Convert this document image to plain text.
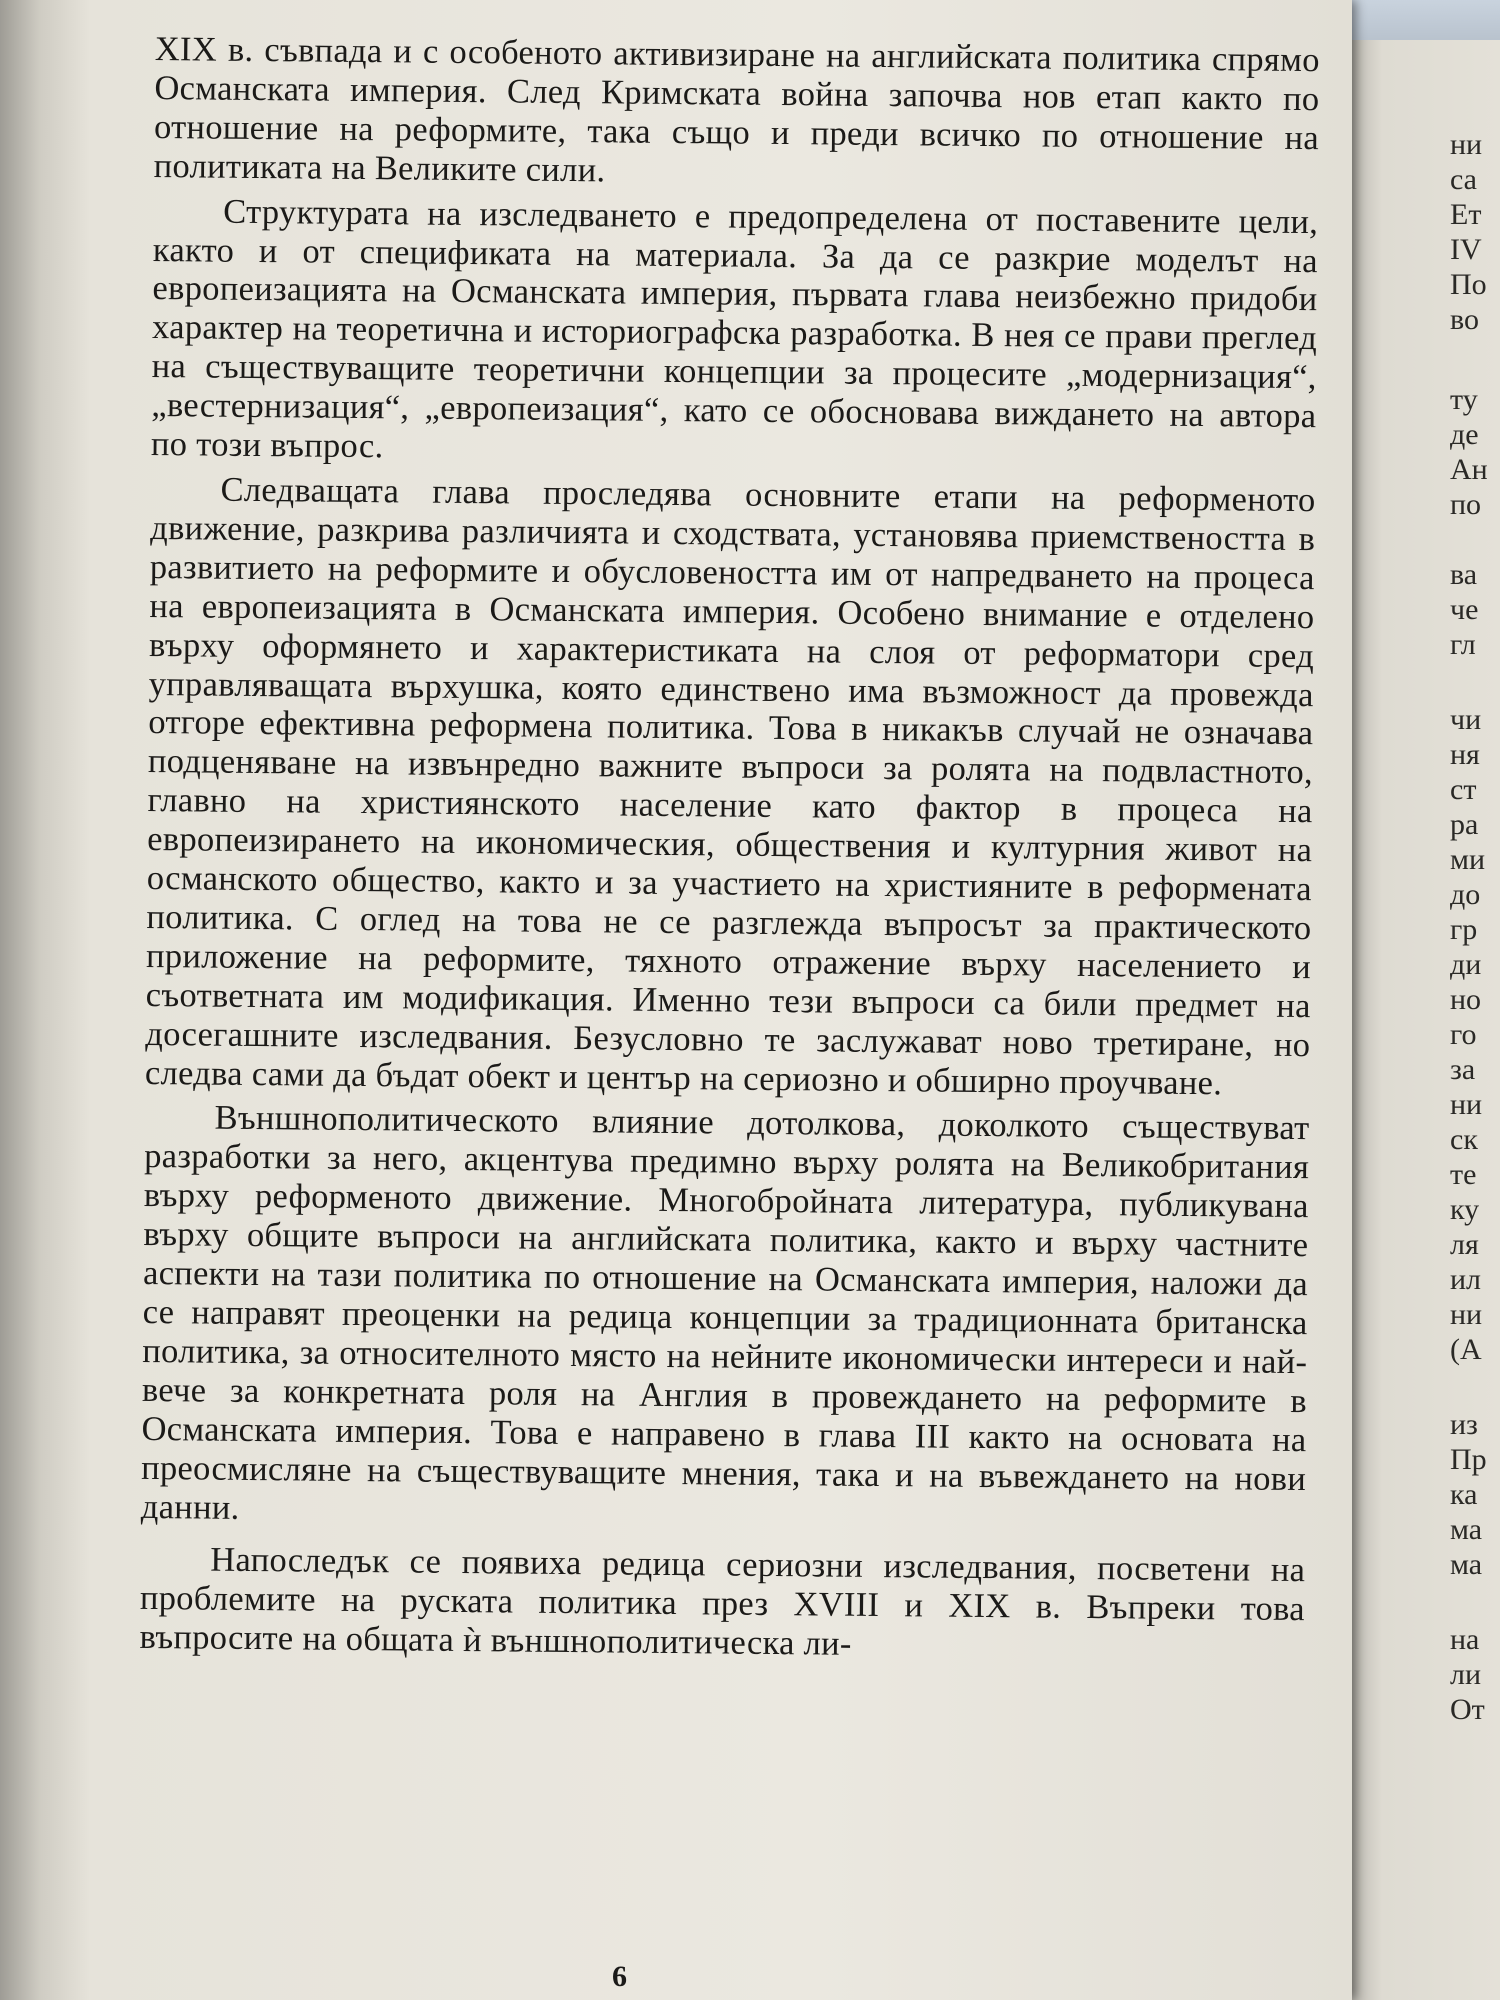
XIX в. съвпада и с особеното активизиране на английската политика спрямо Османската империя. След Кримската война започва нов етап както по отношение на реформите, така също и преди всичко по отношение на политиката на Великите сили.

Структурата на изследването е предопределена от поставените цели, както и от спецификата на материала. За да се разкрие моделът на европеизацията на Османската империя, първата глава неизбежно придоби характер на теоретична и историографска разработка. В нея се прави преглед на съществуващите теоретични концепции за процесите „модернизация“, „вестернизация“, „европеизация“, като се обосновава виждането на автора по този въпрос.

Следващата глава проследява основните етапи на реформеното движение, разкрива различията и сходствата, установява приемствеността в развитието на реформите и обусловеността им от напредването на процеса на европеизацията в Османската империя. Особено внимание е отделено върху оформянето и характеристиката на слоя от реформатори сред управляващата върхушка, която единствено има възможност да провежда отгоре ефективна реформена политика. Това в никакъв случай не означава подценяване на извънредно важните въпроси за ролята на подвластното, главно на християнското население като фактор в процеса на европеизирането на икономическия, обществения и културния живот на османското общество, както и за участието на християните в реформената политика. С оглед на това не се разглежда въпросът за практическото приложение на реформите, тяхното отражение върху населението и съответната им модификация. Именно тези въпроси са били предмет на досегашните изследвания. Безусловно те заслужават ново третиране, но следва сами да бъдат обект и център на сериозно и обширно проучване.

Външнополитическото влияние дотолкова, доколкото съществуват разработки за него, акцентува предимно върху ролята на Великобритания върху реформеното движение. Многобройната литература, публикувана върху общите въпроси на английската политика, както и върху частните аспекти на тази политика по отношение на Османската империя, наложи да се направят преоценки на редица концепции за традиционната британска политика, за относителното място на нейните икономически интереси и най-вече за конкретната роля на Англия в провеждането на реформите в Османската империя. Това е направено в глава III както на основата на преосмисляне на съществуващите мнения, така и на въвеждането на нови данни.

Напоследък се появиха редица сериозни изследвания, посветени на проблемите на руската политика през XVIII и XIX в. Въпреки това въпросите на общата ѝ външнополитическа ли-

6
ни
са
Ет
IV
По
во
ту
де
Ан
по
ва
че
гл
чи
ня
ст
ра
ми
до
гр
ди
но
го
за
ни
ск
те
ку
ля
ил
ни
(А
из
Пр
ка
ма
ма
на
ли
От
